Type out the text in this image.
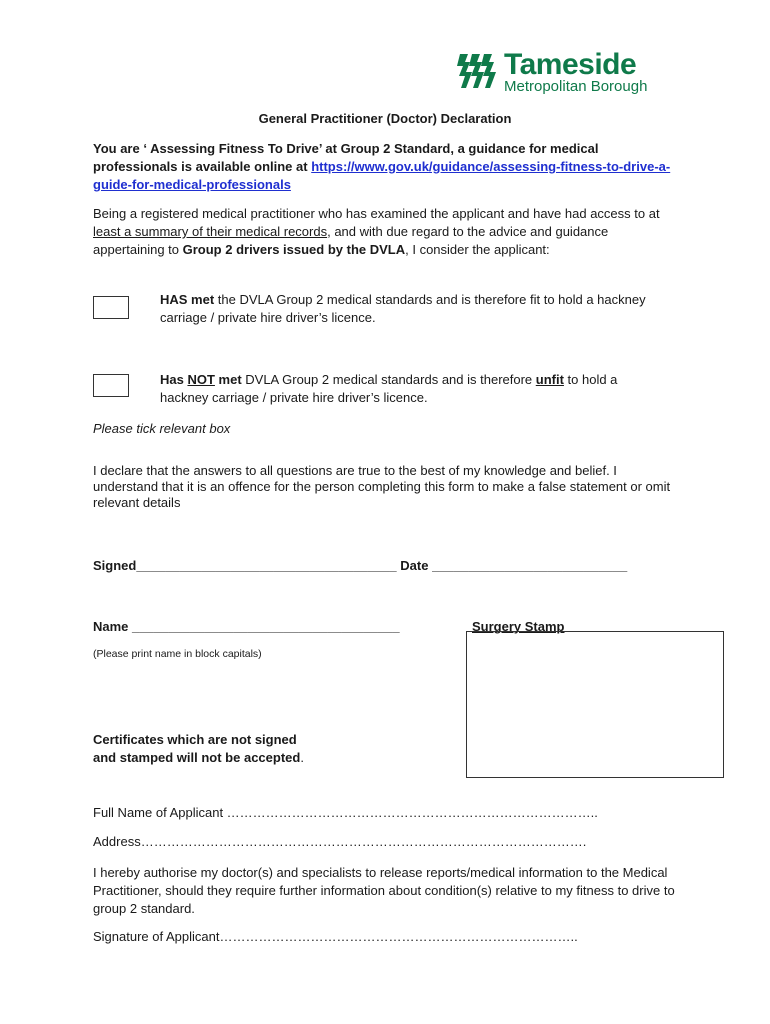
Tameside
Metropolitan Borough
General Practitioner (Doctor) Declaration
You are ‘ Assessing Fitness To Drive’ at Group 2 Standard, a guidance for medical professionals is available online at https://www.gov.uk/guidance/assessing-fitness-to-drive-a-guide-for-medical-professionals
Being a registered medical practitioner who has examined the applicant and have had access to at least a summary of their medical records, and with due regard to the advice and guidance appertaining to Group 2 drivers issued by the DVLA, I consider the applicant:
HAS met the DVLA Group 2 medical standards and is therefore fit to hold a hackney carriage / private hire driver’s licence.
Has NOT met DVLA Group 2 medical standards and is therefore unfit to hold a hackney carriage / private hire driver’s licence.
Please tick relevant box
I declare that the answers to all questions are true to the best of my knowledge and belief. I understand that it is an offence for the person completing this form to make a false statement or omit relevant details
Signed____________________________________ Date ___________________________
Name _____________________________________	Surgery Stamp
(Please print name in block capitals)
Certificates which are not signed
and stamped will not be accepted.
Full Name of Applicant …………………………………………………………………………..
Address………………………………………………………………………………………….
I hereby authorise my doctor(s) and specialists to release reports/medical information to the Medical Practitioner, should they require further information about condition(s) relative to my fitness to drive to group 2 standard.
Signature of Applicant………………………………………………………………………..
